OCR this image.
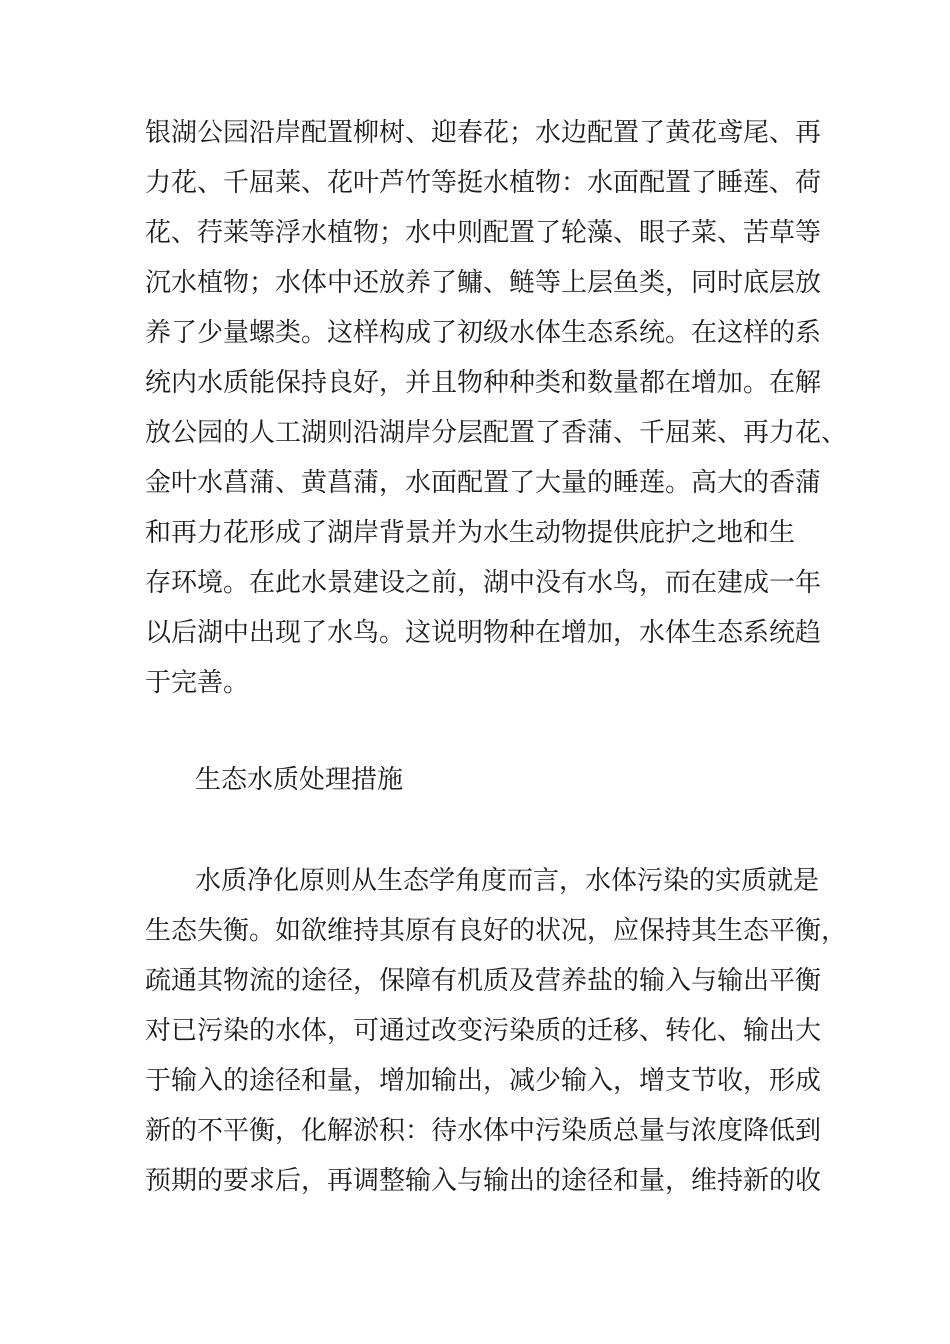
银湖公园沿岸配置柳树、迎春花；水边配置了黄花鸢尾、再
力花、千屈莱、花叶芦竹等挺水植物：水面配置了睡莲、荷
花、荇莱等浮水植物；水中则配置了轮藻、眼子菜、苦草等
沉水植物；水体中还放养了鳙、鲢等上层鱼类，同时底层放
养了少量螺类。这样构成了初级水体生态系统。在这样的系
统内水质能保持良好，并且物种种类和数量都在增加。在解
放公园的人工湖则沿湖岸分层配置了香蒲、千屈莱、再力花、
金叶水菖蒲、黄菖蒲，水面配置了大量的睡莲。高大的香蒲
和再力花形成了湖岸背景并为水生动物提供庇护之地和生
存环境。在此水景建设之前，湖中没有水鸟，而在建成一年
以后湖中出现了水鸟。这说明物种在增加，水体生态系统趋
于完善。
生态水质处理措施
水质净化原则从生态学角度而言，水体污染的实质就是
生态失衡。如欲维持其原有良好的状况，应保持其生态平衡，
疏通其物流的途径，保障有机质及营养盐的输入与输出平衡
对已污染的水体，可通过改变污染质的迁移、转化、输出大
于输入的途径和量，增加输出，减少输入，增支节收，形成
新的不平衡，化解淤积：待水体中污染质总量与浓度降低到
预期的要求后，再调整输入与输出的途径和量，维持新的收
